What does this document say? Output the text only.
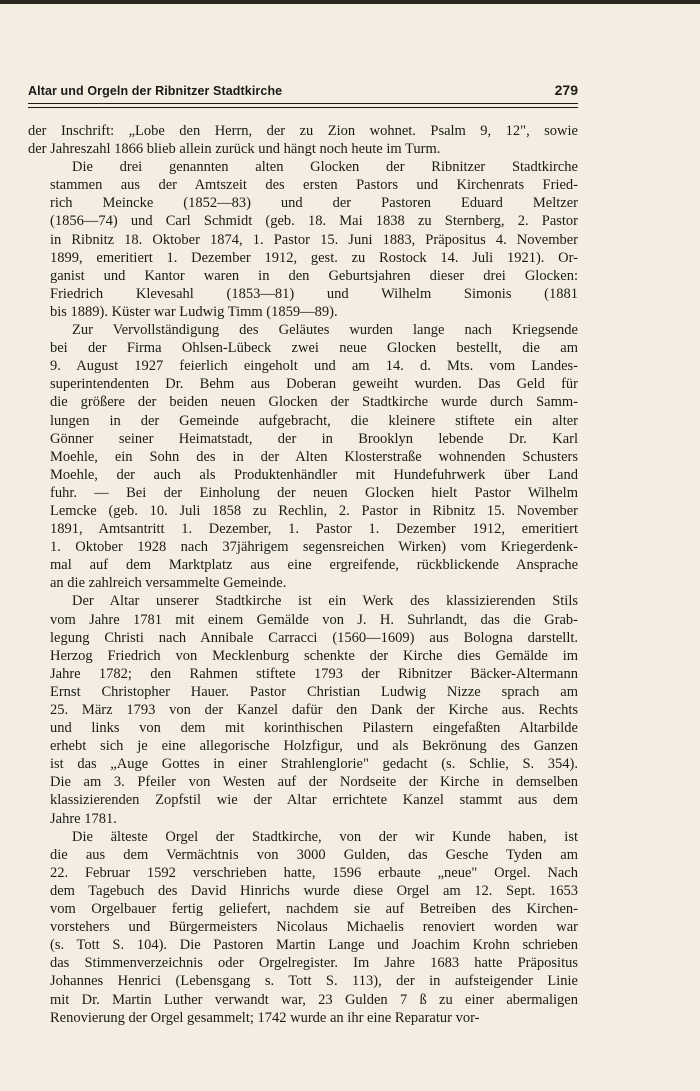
Altar und Orgeln der Ribnitzer Stadtkirche	279

der Inschrift: „Lobe den Herrn, der zu Zion wohnet. Psalm 9, 12", sowie
der Jahreszahl 1866 blieb allein zurück und hängt noch heute im Turm.

Die drei genannten alten Glocken der Ribnitzer Stadtkirche
stammen aus der Amtszeit des ersten Pastors und Kirchenrats Fried-
rich Meincke (1852—83) und der Pastoren Eduard Meltzer
(1856—74) und Carl Schmidt (geb. 18. Mai 1838 zu Sternberg, 2. Pastor
in Ribnitz 18. Oktober 1874, 1. Pastor 15. Juni 1883, Präpositus 4. November
1899, emeritiert 1. Dezember 1912, gest. zu Rostock 14. Juli 1921). Or-
ganist und Kantor waren in den Geburtsjahren dieser drei Glocken:
Friedrich Klevesahl (1853—81) und Wilhelm Simonis (1881
bis 1889). Küster war Ludwig Timm (1859—89).

Zur Vervollständigung des Geläutes wurden lange nach Kriegsende
bei der Firma Ohlsen-Lübeck zwei neue Glocken bestellt, die am
9. August 1927 feierlich eingeholt und am 14. d. Mts. vom Landes-
superintendenten Dr. Behm aus Doberan geweiht wurden. Das Geld für
die größere der beiden neuen Glocken der Stadtkirche wurde durch Samm-
lungen in der Gemeinde aufgebracht, die kleinere stiftete ein alter
Gönner seiner Heimatstadt, der in Brooklyn lebende Dr. Karl
Moehle, ein Sohn des in der Alten Klosterstraße wohnenden Schusters
Moehle, der auch als Produktenhändler mit Hundefuhrwerk über Land
fuhr. — Bei der Einholung der neuen Glocken hielt Pastor Wilhelm
Lemcke (geb. 10. Juli 1858 zu Rechlin, 2. Pastor in Ribnitz 15. November
1891, Amtsantritt 1. Dezember, 1. Pastor 1. Dezember 1912, emeritiert
1. Oktober 1928 nach 37jährigem segensreichen Wirken) vom Kriegerdenk-
mal auf dem Marktplatz aus eine ergreifende, rückblickende Ansprache
an die zahlreich versammelte Gemeinde.

Der Altar unserer Stadtkirche ist ein Werk des klassizierenden Stils
vom Jahre 1781 mit einem Gemälde von J. H. Suhrlandt, das die Grab-
legung Christi nach Annibale Carracci (1560—1609) aus Bologna darstellt.
Herzog Friedrich von Mecklenburg schenkte der Kirche dies Gemälde im
Jahre 1782; den Rahmen stiftete 1793 der Ribnitzer Bäcker-Altermann
Ernst Christopher Hauer. Pastor Christian Ludwig Nizze sprach am
25. März 1793 von der Kanzel dafür den Dank der Kirche aus. Rechts
und links von dem mit korinthischen Pilastern eingefaßten Altarbilde
erhebt sich je eine allegorische Holzfigur, und als Bekrönung des Ganzen
ist das „Auge Gottes in einer Strahlenglorie" gedacht (s. Schlie, S. 354).
Die am 3. Pfeiler von Westen auf der Nordseite der Kirche in demselben
klassizierenden Zopfstil wie der Altar errichtete Kanzel stammt aus dem
Jahre 1781.

Die älteste Orgel der Stadtkirche, von der wir Kunde haben, ist
die aus dem Vermächtnis von 3000 Gulden, das Gesche Tyden am
22. Februar 1592 verschrieben hatte, 1596 erbaute „neue" Orgel. Nach
dem Tagebuch des David Hinrichs wurde diese Orgel am 12. Sept. 1653
vom Orgelbauer fertig geliefert, nachdem sie auf Betreiben des Kirchen-
vorstehers und Bürgermeisters Nicolaus Michaelis renoviert worden war
(s. Tott S. 104). Die Pastoren Martin Lange und Joachim Krohn schrieben
das Stimmenverzeichnis oder Orgelregister. Im Jahre 1683 hatte Präpositus
Johannes Henrici (Lebensgang s. Tott S. 113), der in aufsteigender Linie
mit Dr. Martin Luther verwandt war, 23 Gulden 7 ß zu einer abermaligen
Renovierung der Orgel gesammelt; 1742 wurde an ihr eine Reparatur vor-
